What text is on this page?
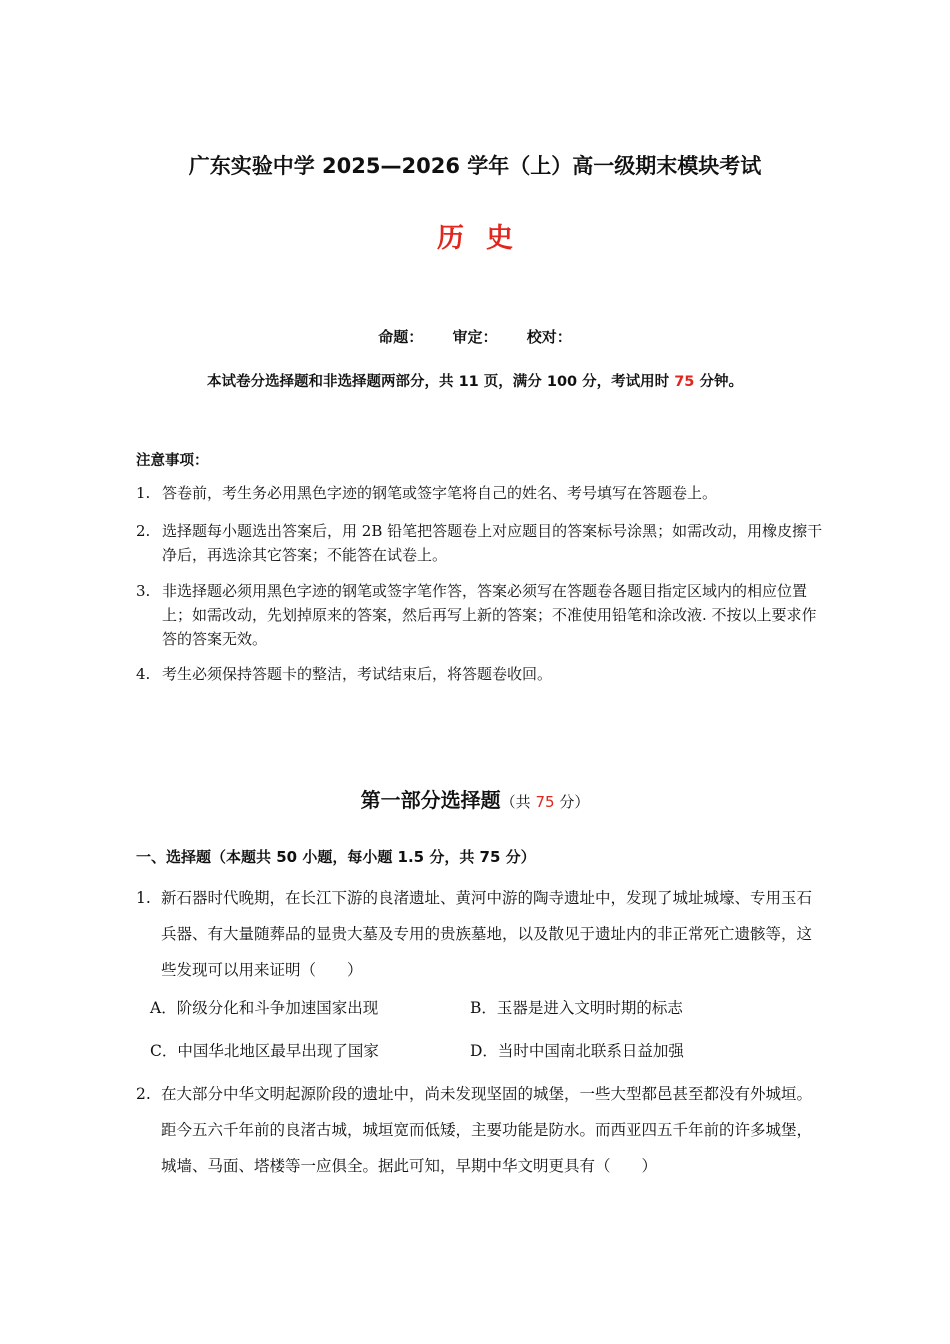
广东实验中学 2025—2026 学年（上）高一级期末模块考试
历史
命题： 审定： 校对：
本试卷分选择题和非选择题两部分，共 11 页，满分 100 分，考试用时 75 分钟。
注意事项：
1. 答卷前，考生务必用黑色字迹的钢笔或签字笔将自己的姓名、考号填写在答题卷上。
2. 选择题每小题选出答案后，用 2B 铅笔把答题卷上对应题目的答案标号涂黑；如需改动，用橡皮擦干净后，再选涂其它答案；不能答在试卷上。
3. 非选择题必须用黑色字迹的钢笔或签字笔作答，答案必须写在答题卷各题目指定区域内的相应位置上；如需改动，先划掉原来的答案，然后再写上新的答案；不准使用铅笔和涂改液. 不按以上要求作答的答案无效。
4. 考生必须保持答题卡的整洁，考试结束后，将答题卷收回。
第一部分选择题（共 75 分）
一、选择题（本题共 50 小题，每小题 1.5 分，共 75 分）
1. 新石器时代晚期，在长江下游的良渚遗址、黄河中游的陶寺遗址中，发现了城址城壕、专用玉石兵器、有大量随葬品的显贵大墓及专用的贵族墓地，以及散见于遗址内的非正常死亡遗骸等，这些发现可以用来证明（　　）
A．阶级分化和斗争加速国家出现	B．玉器是进入文明时期的标志
C．中国华北地区最早出现了国家	D．当时中国南北联系日益加强
2. 在大部分中华文明起源阶段的遗址中，尚未发现坚固的城堡，一些大型都邑甚至都没有外城垣。距今五六千年前的良渚古城，城垣宽而低矮，主要功能是防水。而西亚四五千年前的许多城堡，城墙、马面、塔楼等一应俱全。据此可知，早期中华文明更具有（　　）
